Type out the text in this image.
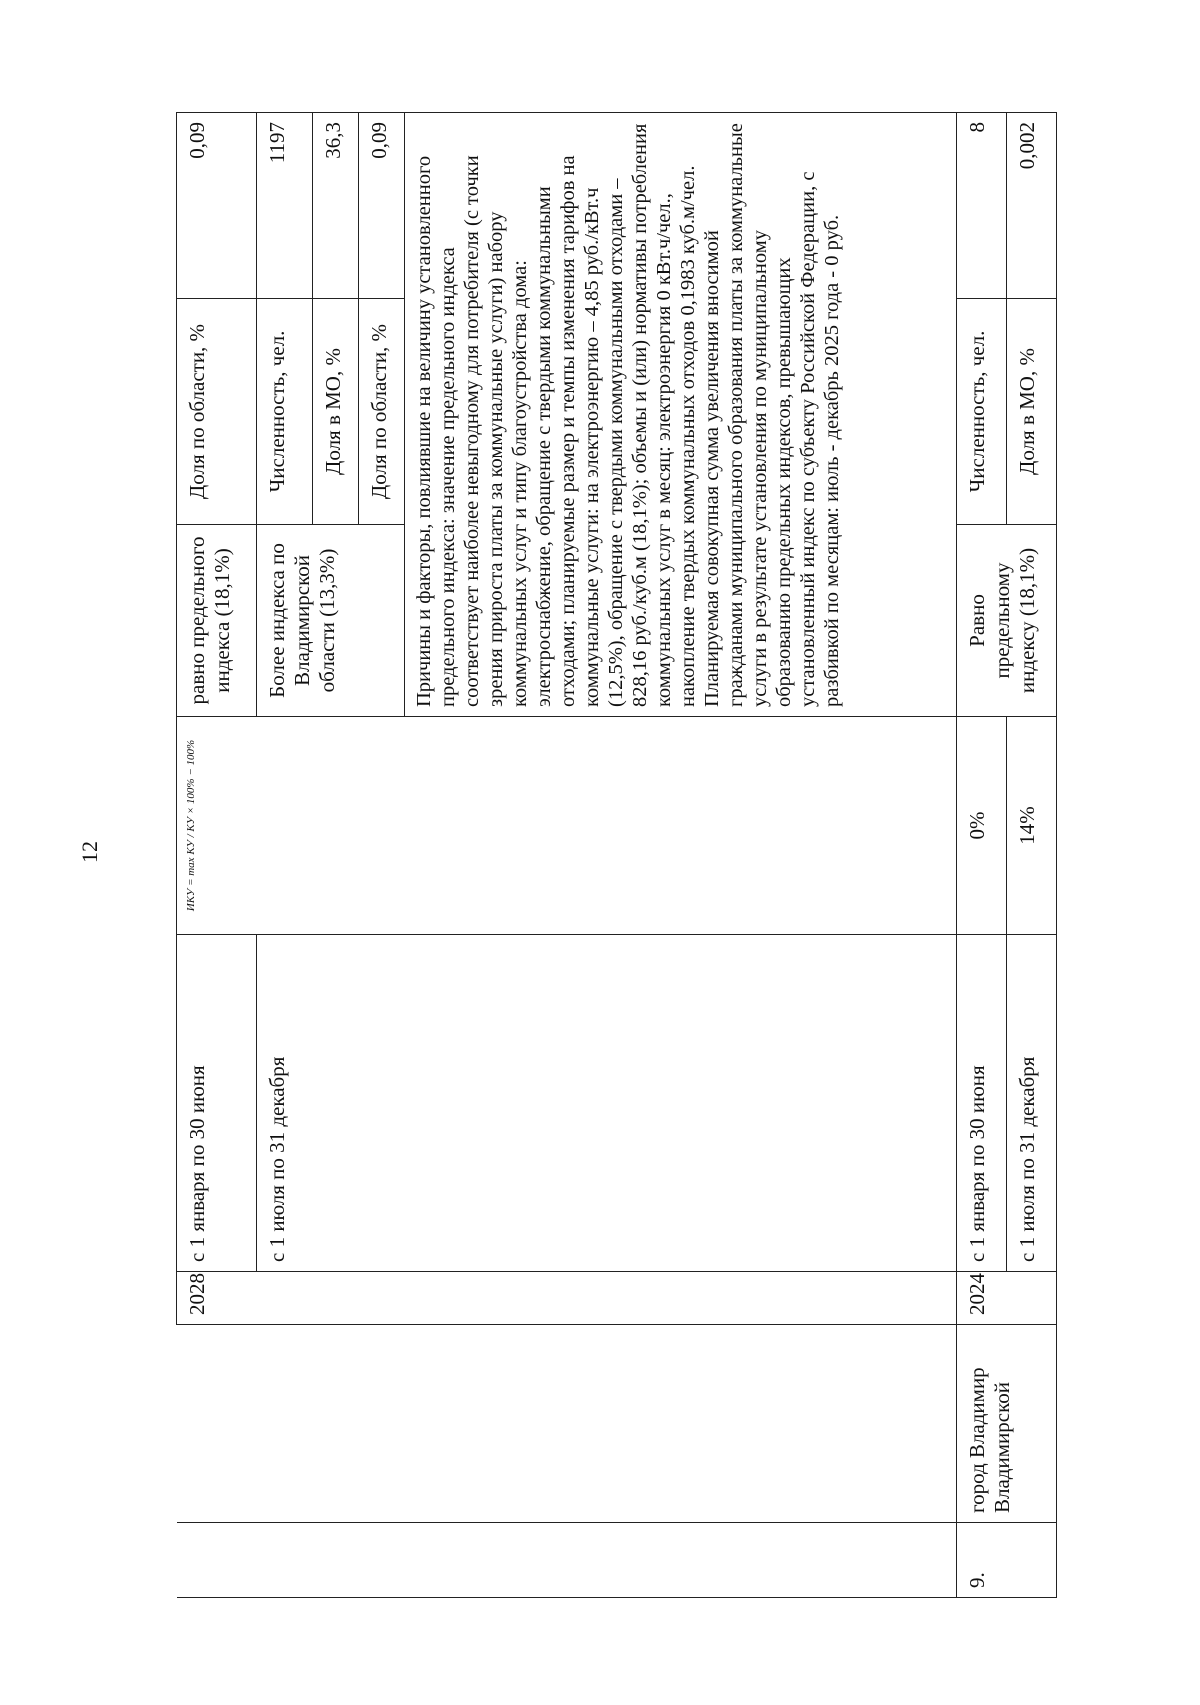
12
		2028	с 1 января по 30 июня	ИКУ = max КУ / КУ × 100% − 100%	равно предельного индекса (18,1%)	Доля по области, %	0,09
			с 1 июля по 31 декабря		Более индекса по Владимирской области (13,3%)	Численность, чел.	1197
						Доля в МО, %	36,3
						Доля по области, %	0,09
					Причины и факторы, повлиявшие на величину установленного предельного индекса: значение предельного индекса соответствует наиболее невыгодному для потребителя (с точки зрения прироста платы за коммунальные услуги) набору коммунальных услуг и типу благоустройства дома: электроснабжение, обращение с твердыми коммунальными отходами; планируемые размер и темпы изменения тарифов на коммунальные услуги: на электроэнергию – 4,85 руб./кВт.ч (12,5%), обращение с твердыми коммунальными отходами – 828,16 руб./куб.м (18,1%); объемы и (или) нормативы потребления коммунальных услуг в месяц: электроэнергия 0 кВт.ч/чел., накопление твердых коммунальных отходов 0,1983 куб.м/чел. Планируемая совокупная сумма увеличения вносимой гражданами муниципального образования платы за коммунальные услуги в результате установления по муниципальному образованию предельных индексов, превышающих установленный индекс по субъекту Российской Федерации, с разбивкой по месяцам: июль - декабрь 2025 года - 0 руб.		
9.	город Владимир Владимирской	2024	с 1 января по 30 июня	0%	Равно предельному индексу (18,1%)	Численность, чел.	8
			с 1 июля по 31 декабря	14%		Доля в МО, %	0,002
